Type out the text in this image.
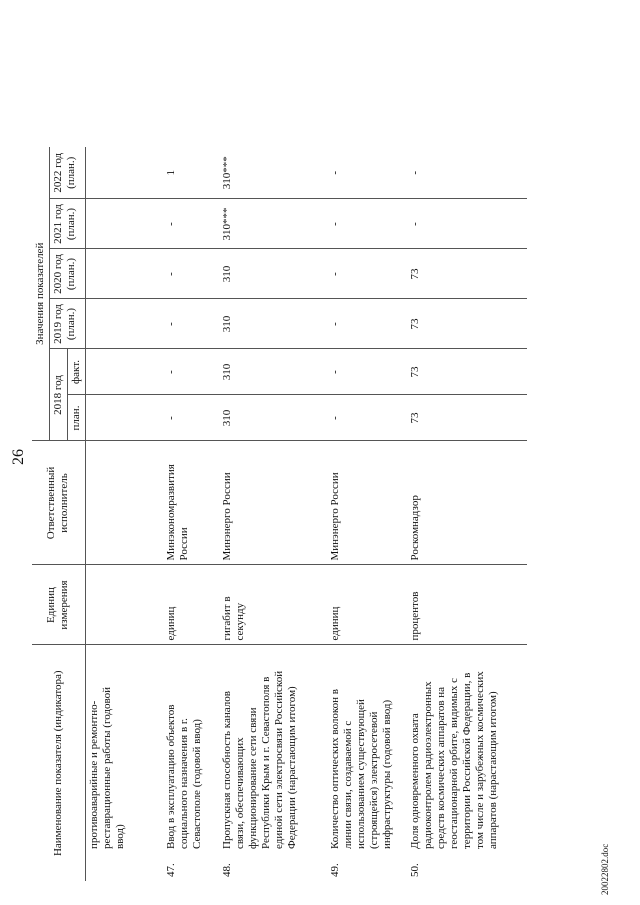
26
Наименование показателя (индикатора)	Единиц измерения	Ответственный исполнитель	Значения показателей					
			2018 год		2019 год (план.)	2020 год (план.)	2021 год (план.)	2022 год (план.)
			план.	факт.				
противоаварийные и ремонтно-реставрационные работы (годовой ввод)								
47.Ввод в эксплуатацию объектов социального назначения в г. Севастополе (годовой ввод)	единиц	Минэкономразвития России	-	-	-	-	-	1
48.Пропускная способность каналов связи, обеспечивающих функционирование сети связи Республики Крым и г. Севастополя в единой сети электросвязи Российской Федерации (нарастающим итогом)	гигабит в секунду	Минэнерго России	310	310	310	310	310***	310***
49.Количество оптических волокон в линии связи, создаваемой с использованием существующей (строящейся) электросетевой инфраструктуры (годовой ввод)	единиц	Минэнерго России	-	-	-	-	-	-
50.Доля одновременного охвата радиоконтролем радиоэлектронных средств космических аппаратов на геостационарной орбите, видимых с территории Российской Федерации, в том числе и зарубежных космических аппаратов (нарастающим итогом)	процентов	Роскомнадзор	73	73	73	73	-	-
20022802.doc
